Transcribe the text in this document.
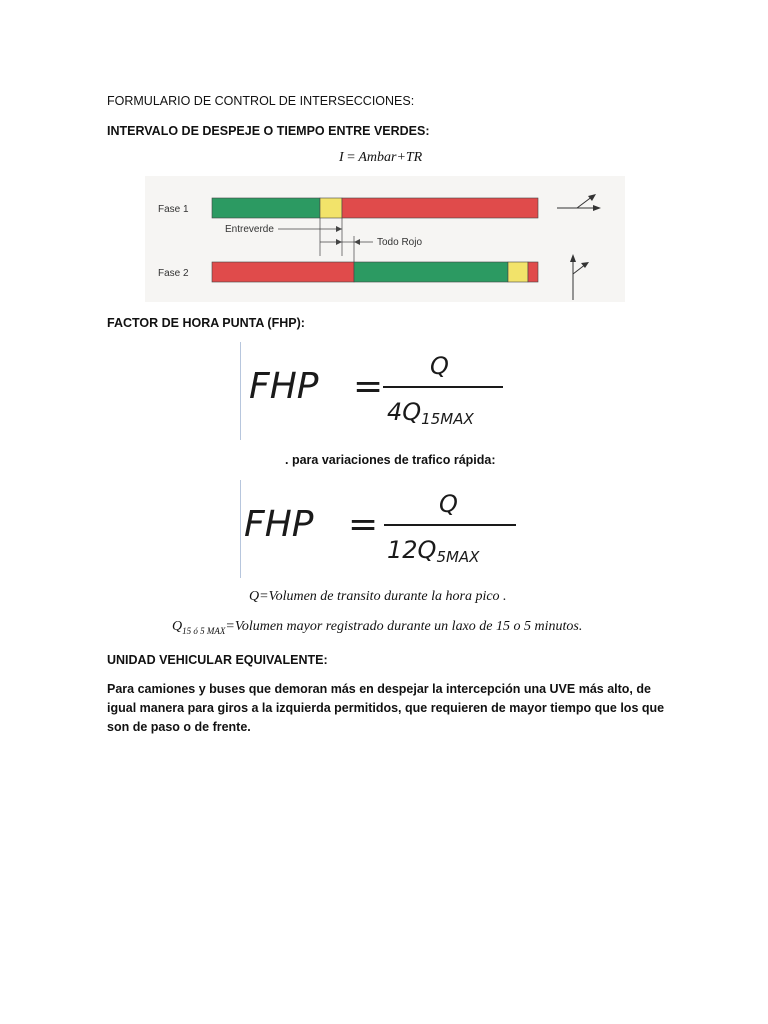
FORMULARIO DE CONTROL DE INTERSECCIONES:
INTERVALO DE DESPEJE O TIEMPO ENTRE VERDES:
I = Ambar+TR
Fase 1
Fase 2
Entreverde
Todo Rojo
FACTOR DE HORA PUNTA (FHP):
FHP = Q
$4Q_{15MAX}$
. para variaciones de trafico rápida:
FHP =	Q
$12Q_{5MAX}$
Q=Volumen de transito durante la hora pico .
$Q_{15 ó 5 MAX}=Volumen$ mayor registrado durante un laxo de 15 o 5 minutos.
UNIDAD VEHICULAR EQUIVALENTE:
Para camiones y buses que demoran más en despejar la intercepción una UVE más alto, de igual manera para giros a la izquierda permitidos, que requieren de mayor tiempo que los que son de paso o de frente.
